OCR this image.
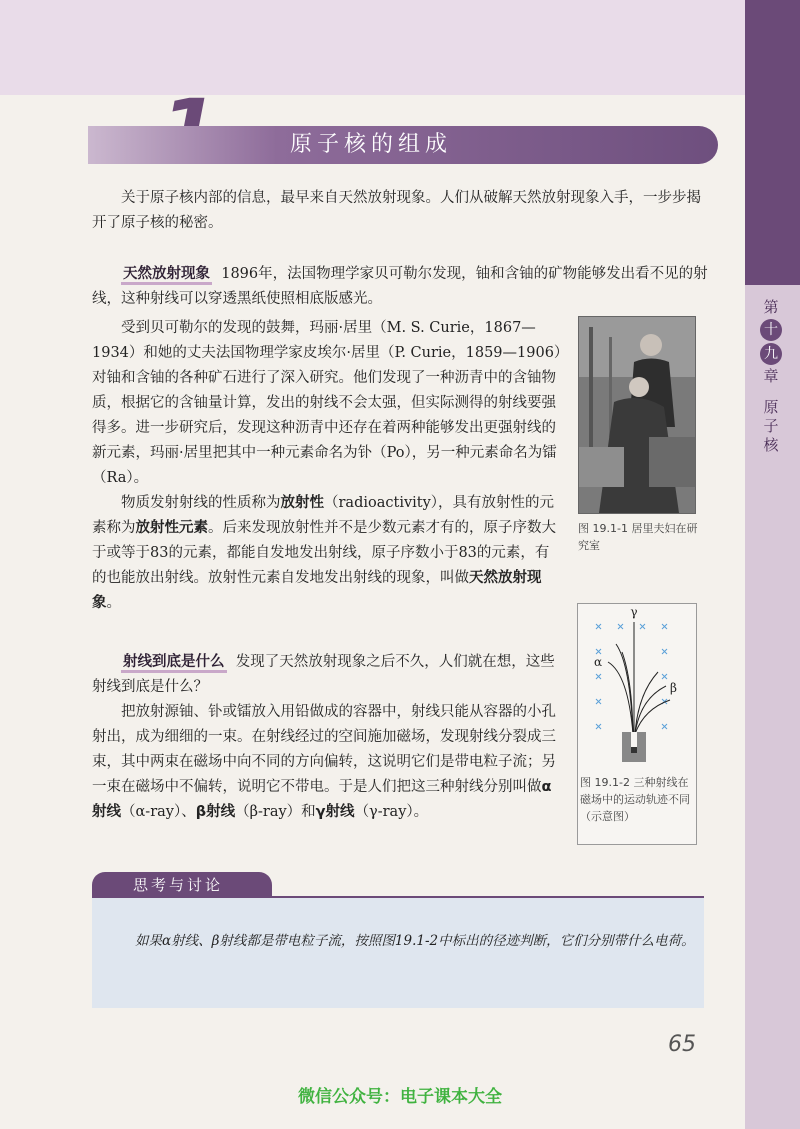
第
十
九
章
原
子
核
原子核的组成

关于原子核内部的信息，最早来自天然放射现象。人们从破解天然放射现象入手，一步步揭开了原子核的秘密。

天然放射现象 1896年，法国物理学家贝可勒尔发现，铀和含铀的矿物能够发出看不见的射线，这种射线可以穿透黑纸使照相底版感光。

受到贝可勒尔的发现的鼓舞，玛丽·居里（M. S. Curie，1867—1934）和她的丈夫法国物理学家皮埃尔·居里（P. Curie，1859—1906）对铀和含铀的各种矿石进行了深入研究。他们发现了一种沥青中的含铀物质，根据它的含铀量计算，发出的射线不会太强，但实际测得的射线要强得多。进一步研究后，发现这种沥青中还存在着两种能够发出更强射线的新元素，玛丽·居里把其中一种元素命名为钋（Po），另一种元素命名为镭（Ra）。

物质发射射线的性质称为放射性（radioactivity），具有放射性的元素称为放射性元素。后来发现放射性并不是少数元素才有的，原子序数大于或等于83的元素，都能自发地发出射线，原子序数小于83的元素，有的也能放出射线。放射性元素自发地发出射线的现象，叫做天然放射现象。

图 19.1-1 居里夫妇在研究室
γ
α
β
图 19.1-2 三种射线在磁场中的运动轨迹不同（示意图）

射线到底是什么 发现了天然放射现象之后不久，人们就在想，这些射线到底是什么？

把放射源铀、钋或镭放入用铅做成的容器中，射线只能从容器的小孔射出，成为细细的一束。在射线经过的空间施加磁场，发现射线分裂成三束，其中两束在磁场中向不同的方向偏转，这说明它们是带电粒子流；另一束在磁场中不偏转，说明它不带电。于是人们把这三种射线分别叫做α射线（α-ray）、β射线（β-ray）和γ射线（γ-ray）。

思考与讨论

如果α射线、β射线都是带电粒子流，按照图19.1-2中标出的径迹判断，它们分别带什么电荷。

65
微信公众号：电子课本大全
